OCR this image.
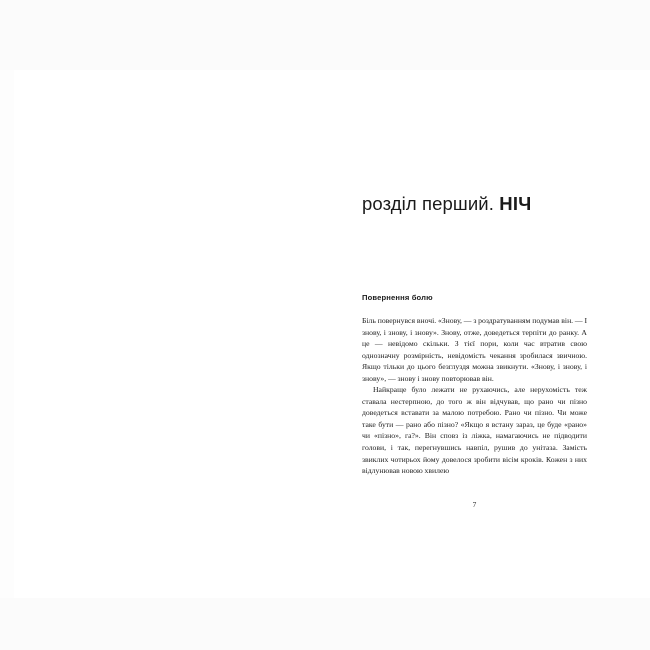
розділ перший. НІЧ
Повернення болю

Біль повернувся вночі. «Знову, — з роздратуванням подумав він. — І знову, і знову, і знову». Знову, отже, доведеться терпіти до ранку. А це — невідомо скільки. З тієї пори, коли час втратив свою однозначну розмірність, невідомість чекання зробилася звичною. Якщо тільки до цього безглуздя можна звикнути. «Знову, і знову, і знову», — знову і знову повторював він.

Найкраще було лежати не рухаючись, але нерухомість теж ставала нестерпною, до того ж він відчував, що рано чи пізно доведеться вставати за малою потребою. Рано чи пізно. Чи може таке бути — рано або пізно? «Якщо я встану зараз, це буде «рано» чи «пізно», га?». Він сповз із ліжка, намагаючись не підводити голови, і так, перегнувшись навпіл, рушив до унітаза. Замість звиклих чотирьох йому довелося зробити вісім кроків. Кожен з них відлунював новою хвилею

7
